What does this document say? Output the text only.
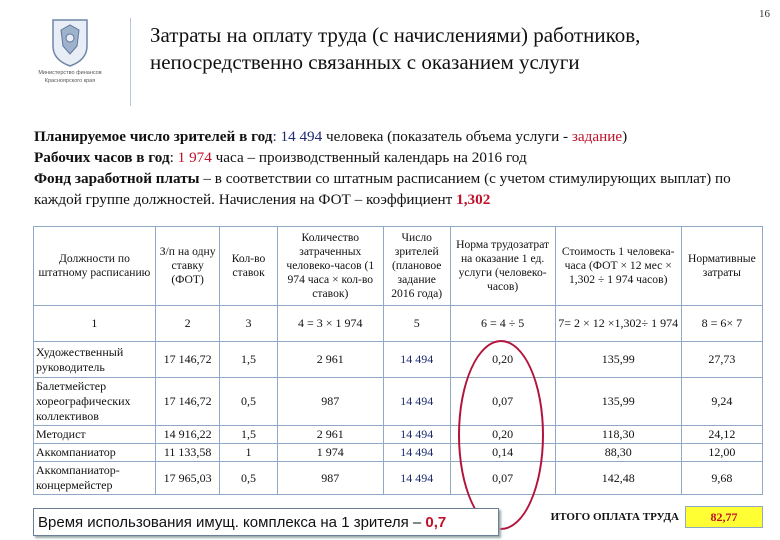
Министерство финансов
Красноярского края
16
Затраты на оплату труда (с начислениями) работников, непосредственно связанных с оказанием услуги
Планируемое число зрителей в год: 14 494 человека (показатель объема услуги - задание)
Рабочих часов в год: 1 974 часа – производственный календарь на 2016 год
Фонд заработной платы – в соответствии со штатным расписанием (с учетом стимулирующих выплат) по каждой группе должностей. Начисления на ФОТ – коэффициент 1,302
Должности по штатному расписанию	З/п на одну ставку (ФОТ)	Кол-во ставок	Количество затраченных человеко-часов (1 974 часа × кол-во ставок)	Число зрителей (плановое задание 2016 года)	Норма трудозатрат на оказание 1 ед. услуги (человеко-часов)	Стоимость 1 человека-часа (ФОТ × 12 мес × 1,302 ÷ 1 974 часов)	Нормативные затраты
1	2	3	4 = 3 × 1 974	5	6 = 4 ÷ 5	7= 2 × 12 ×1,302÷ 1 974	8 = 6× 7
Художественный руководитель	17 146,72	1,5	2 961	14 494	0,20	135,99	27,73
Балетмейстер хореографических коллективов	17 146,72	0,5	987	14 494	0,07	135,99	9,24
Методист	14 916,22	1,5	2 961	14 494	0,20	118,30	24,12
Аккомпаниатор	11 133,58	1	1 974	14 494	0,14	88,30	12,00
Аккомпаниатор-концермейстер	17 965,03	0,5	987	14 494	0,07	142,48	9,68
Время использования имущ. комплекса на 1 зрителя – 0,7	ИТОГО ОПЛАТА ТРУДА	82,77
